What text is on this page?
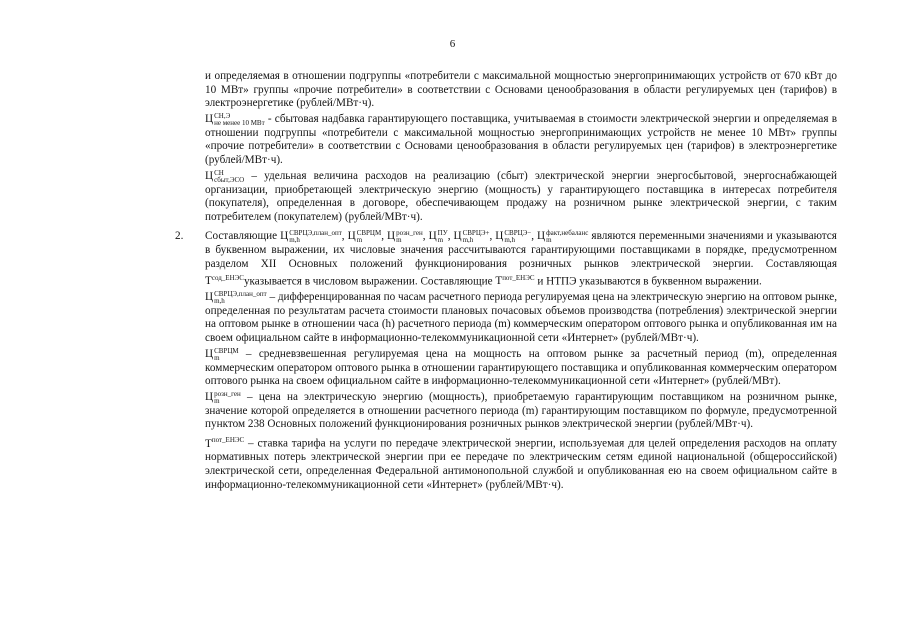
6

и определяемая в отношении подгруппы «потребители с максимальной мощностью энергопринимающих устройств от 670 кВт до 10 МВт» группы «прочие потребители» в соответствии с Основами ценообразования в области регулируемых цен (тарифов) в электроэнергетике (рублей/МВт·ч).

Ц СН,Э
не менее 10 МВт - сбытовая надбавка гарантирующего поставщика, учитываемая в стоимости электрической энергии и определяемая в отношении подгруппы «потребители с максимальной мощностью энергопринимающих устройств не менее 10 МВт» группы «прочие потребители» в соответствии с Основами ценообразования в области регулируемых цен (тарифов) в электроэнергетике (рублей/МВт·ч).

Ц СН
сбыт,ЭСО – удельная величина расходов на реализацию (сбыт) электрической энергии энергосбытовой, энергоснабжающей организации, приобретающей электрическую энергию (мощность) у гарантирующего поставщика в интересах потребителя (покупателя), определенная в договоре, обеспечивающем продажу на розничном рынке электрической энергии, с таким потребителем (покупателем) (рублей/МВт·ч).

2. Составляющие Ц СВРЦЭ,план_опт
m,h	, Ц СВРЦМ
m	, Ц розн_ген
m	, Ц ПУ
m , Ц СВРЦЭ+
m,h	, Ц СВРЦЭ−
m,h	, Ц факт,небаланс
m	являются переменными значениями и указываются в буквенном выражении, их числовые значения рассчитываются гарантирующими поставщиками в порядке, предусмотренном разделом XII Основных положений функционирования розничных рынков электрической энергии. Составляющая $Т^{сод\_ЕНЭС}указывается$ в числовом выражении. Составляющие $Т^{пот\_ЕНЭС}$ и НТПЭ указываются в буквенном выражении.

Ц СВРЦЭ,план_опт
m,h	– дифференцированная по часам расчетного периода регулируемая цена на электрическую энергию на оптовом рынке, определенная по результатам расчета стоимости плановых почасовых объемов производства (потребления) электрической энергии на оптовом рынке в отношении часа (h) расчетного периода (m) коммерческим оператором оптового рынка и опубликованная им на своем официальном сайте в информационно-телекоммуникационной сети «Интернет» (рублей/МВт·ч).

Ц СВРЦМ
m	– средневзвешенная регулируемая цена на мощность на оптовом рынке за расчетный период (m), определенная коммерческим оператором оптового рынка в отношении гарантирующего поставщика и опубликованная коммерческим оператором оптового рынка на своем официальном сайте в информационно-телекоммуникационной сети «Интернет» (рублей/МВт).

Ц розн_ген
m	– цена на электрическую энергию (мощность), приобретаемую гарантирующим поставщиком на розничном рынке, значение которой определяется в отношении расчетного периода (m) гарантирующим поставщиком по формуле, предусмотренной пунктом 238 Основных положений функционирования розничных рынков электрической энергии (рублей/МВт·ч).

$Т^{пот\_ЕНЭС}$ – ставка тарифа на услуги по передаче электрической энергии, используемая для целей определения расходов на оплату нормативных потерь электрической энергии при ее передаче по электрическим сетям единой национальной (общероссийской) электрической сети, определенная Федеральной антимонопольной службой и опубликованная ею на своем официальном сайте в информационно-телекоммуникационной сети «Интернет» (рублей/МВт·ч).
